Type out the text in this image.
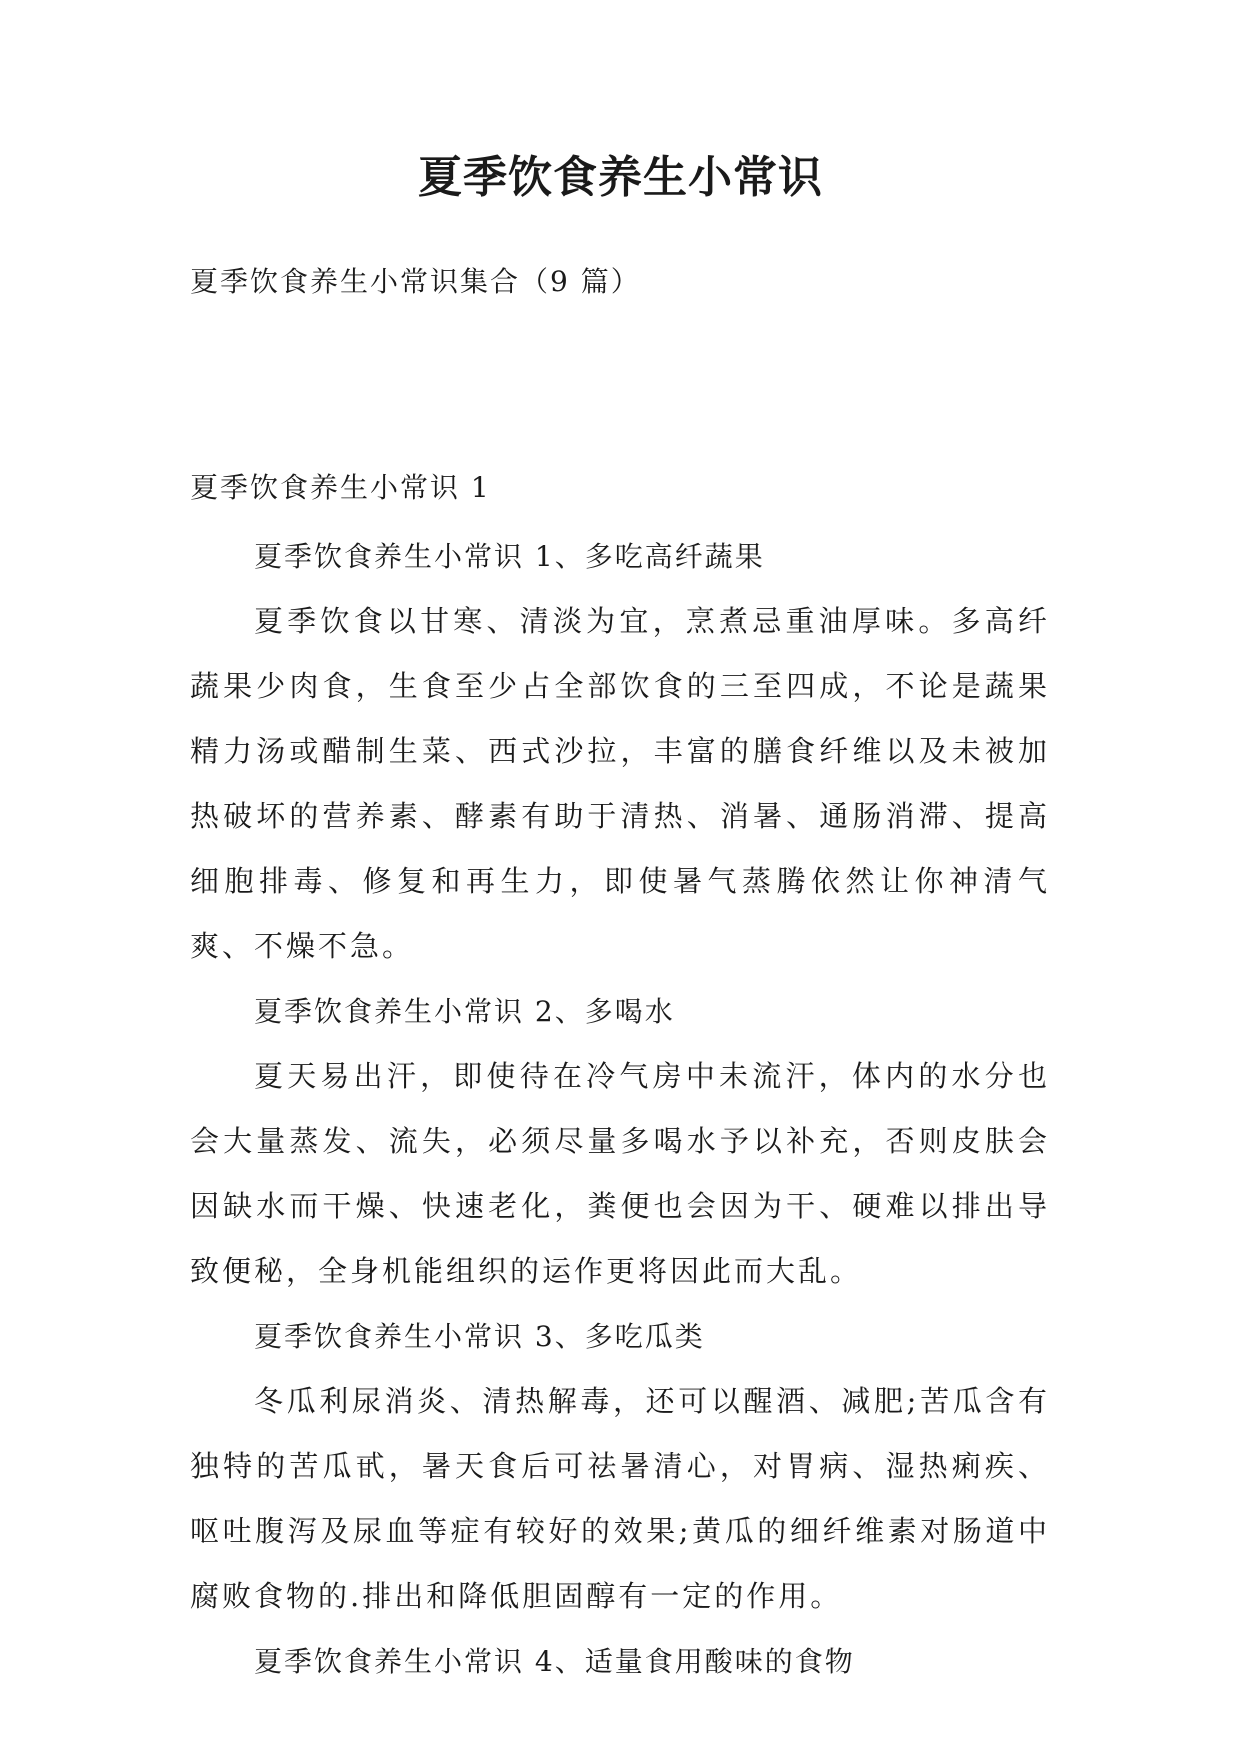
夏季饮食养生小常识
夏季饮食养生小常识集合（9 篇）
夏季饮食养生小常识 1

夏季饮食养生小常识 1、多吃高纤蔬果

夏季饮食以甘寒、清淡为宜，烹煮忌重油厚味。多高纤蔬果少肉食，生食至少占全部饮食的三至四成，不论是蔬果精力汤或醋制生菜、西式沙拉，丰富的膳食纤维以及未被加热破坏的营养素、酵素有助于清热、消暑、通肠消滞、提高细胞排毒、修复和再生力，即使暑气蒸腾依然让你神清气爽、不燥不急。

夏季饮食养生小常识 2、多喝水

夏天易出汗，即使待在冷气房中未流汗，体内的水分也会大量蒸发、流失，必须尽量多喝水予以补充，否则皮肤会因缺水而干燥、快速老化，粪便也会因为干、硬难以排出导致便秘，全身机能组织的运作更将因此而大乱。

夏季饮食养生小常识 3、多吃瓜类

冬瓜利尿消炎、清热解毒，还可以醒酒、减肥;苦瓜含有独特的苦瓜甙，暑天食后可祛暑清心，对胃病、湿热痢疾、呕吐腹泻及尿血等症有较好的效果;黄瓜的细纤维素对肠道中腐败食物的.排出和降低胆固醇有一定的作用。

夏季饮食养生小常识 4、适量食用酸味的食物
